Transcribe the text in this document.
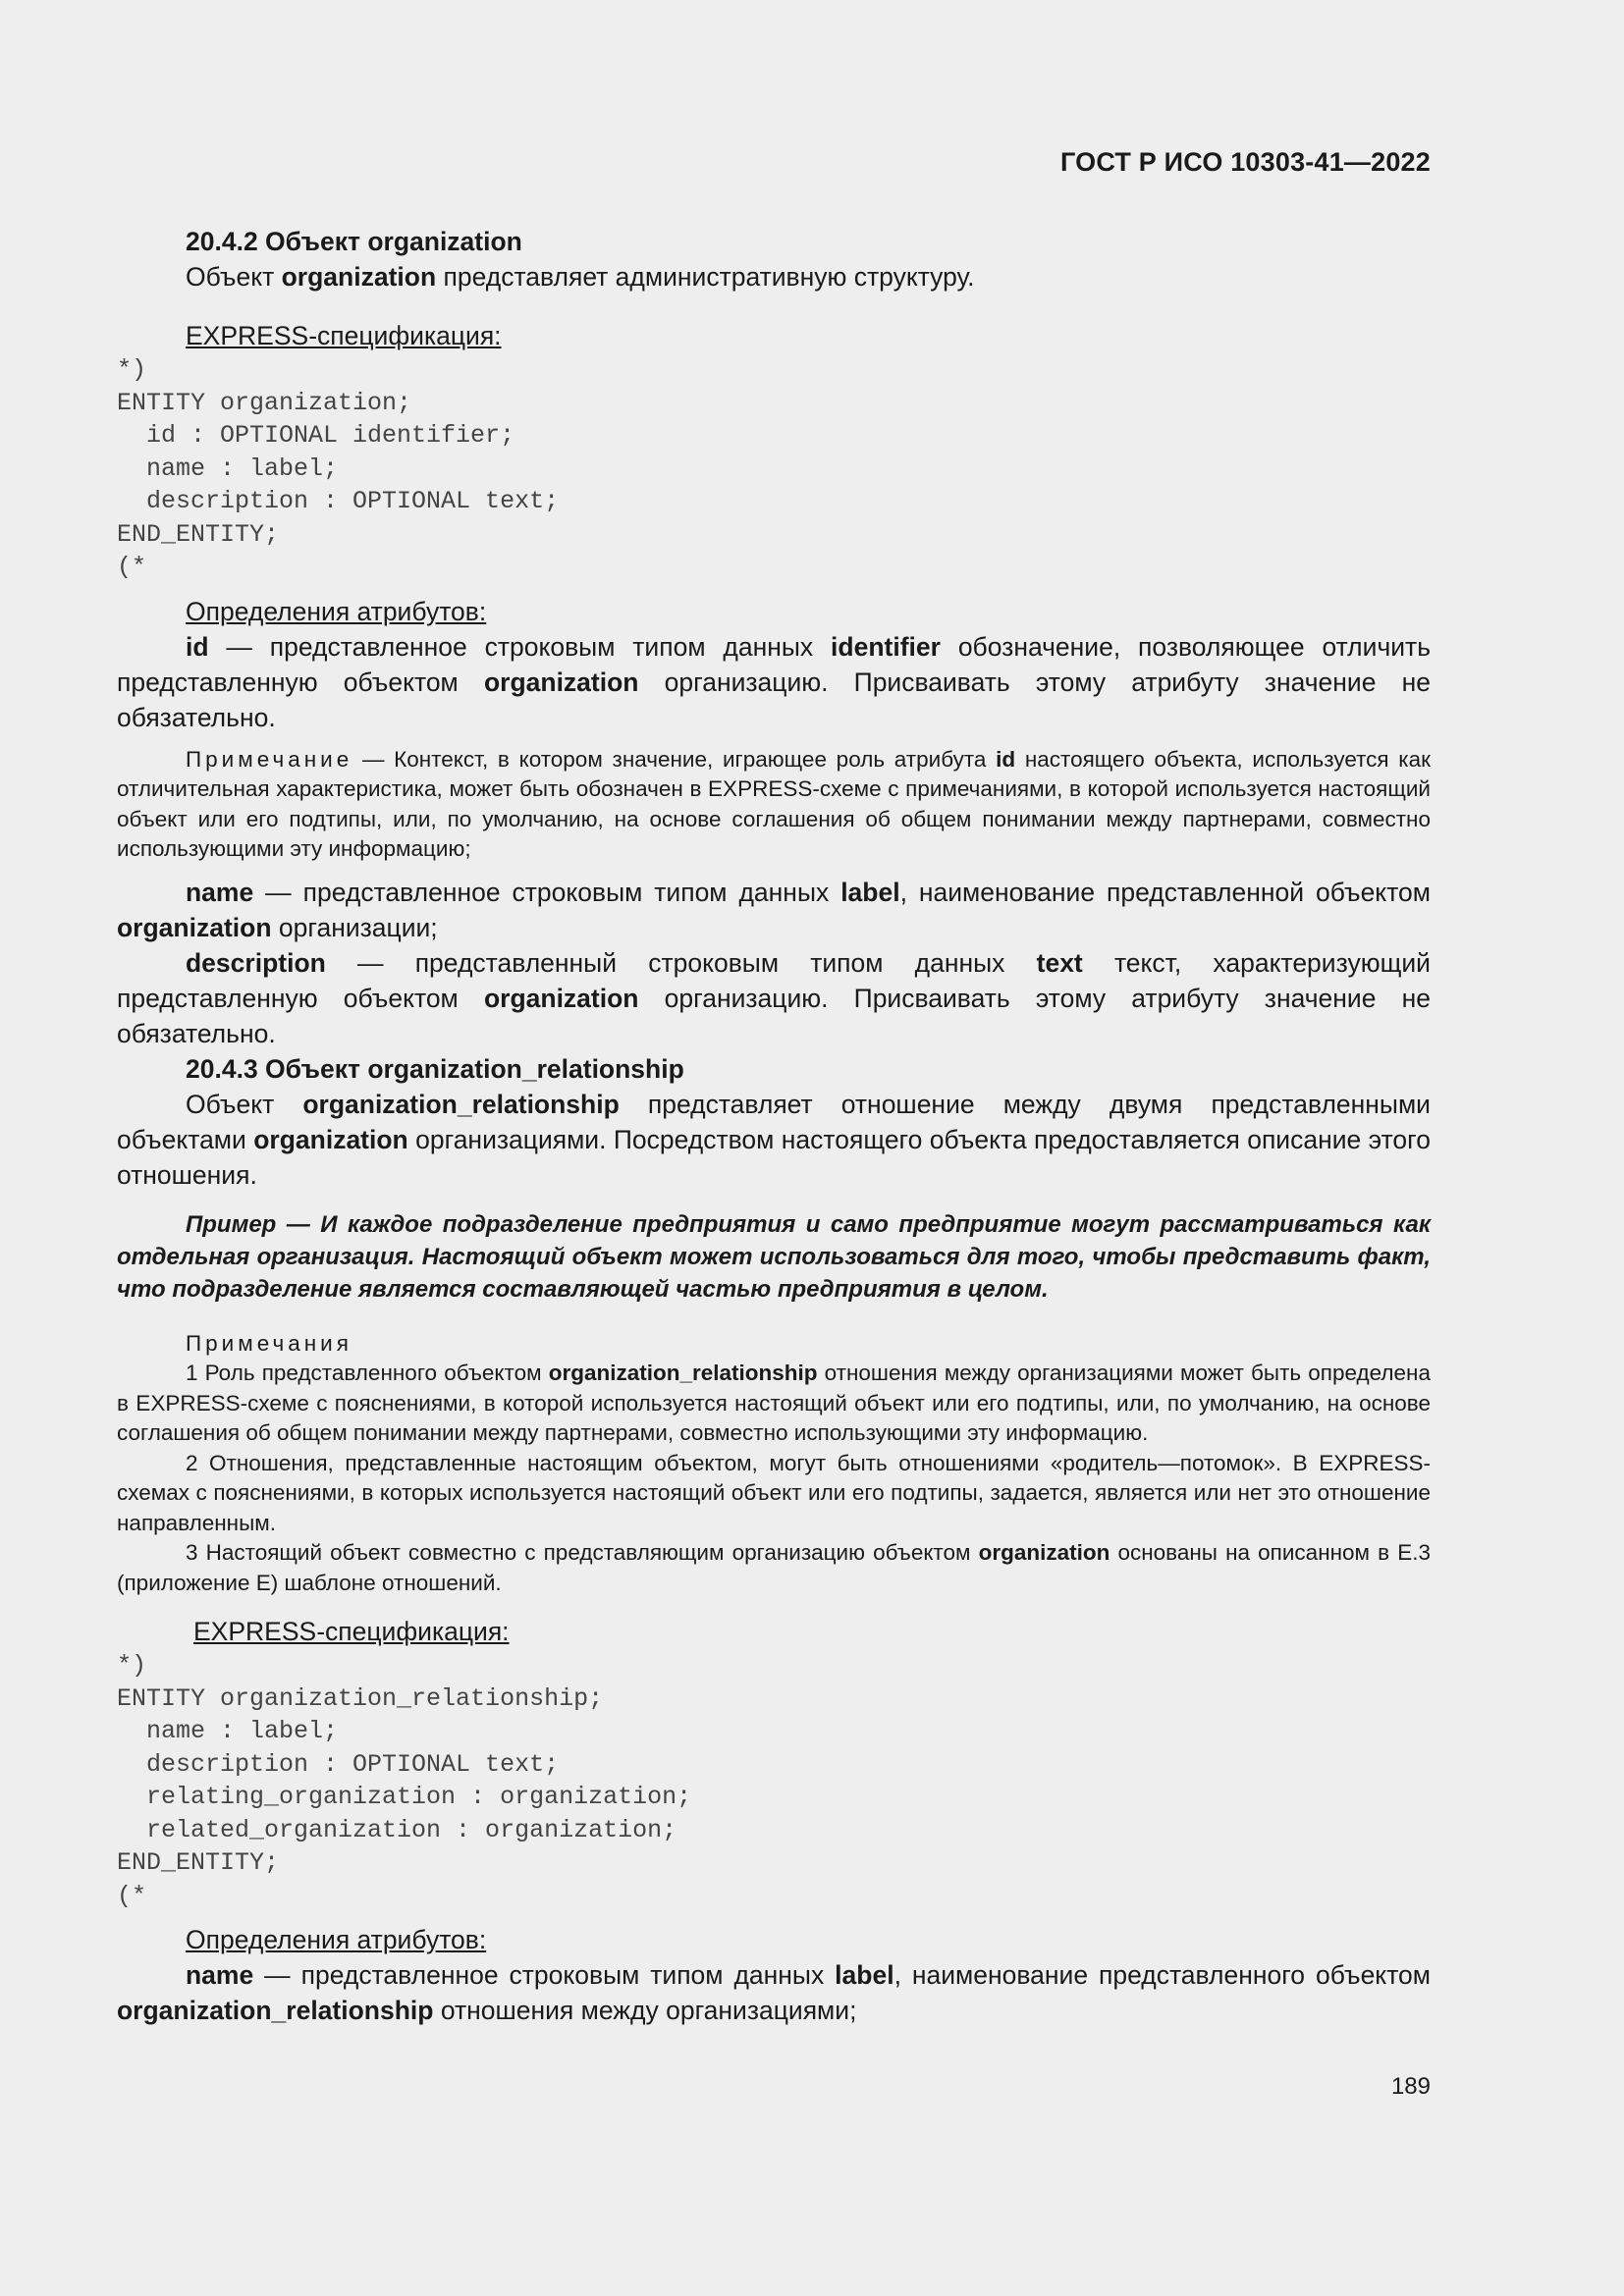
ГОСТ Р ИСО 10303-41—2022

20.4.2 Объект organization

Объект organization представляет административную структуру.

EXPRESS-спецификация:

*)
ENTITY organization;
id : OPTIONAL identifier;
name : label;
description : OPTIONAL text;
END_ENTITY;
(*

Определения атрибутов:

id — представленное строковым типом данных identifier обозначение, позволяющее отличить представленную объектом organization организацию. Присваивать этому атрибуту значение не обязательно.

Примечание — Контекст, в котором значение, играющее роль атрибута id настоящего объекта, используется как отличительная характеристика, может быть обозначен в EXPRESS-схеме с примечаниями, в которой используется настоящий объект или его подтипы, или, по умолчанию, на основе соглашения об общем понимании между партнерами, совместно использующими эту информацию;

name — представленное строковым типом данных label, наименование представленной объектом organization организации;

description — представленный строковым типом данных text текст, характеризующий представленную объектом organization организацию. Присваивать этому атрибуту значение не обязательно.

20.4.3 Объект organization_relationship

Объект organization_relationship представляет отношение между двумя представленными объектами organization организациями. Посредством настоящего объекта предоставляется описание этого отношения.

Пример — И каждое подразделение предприятия и само предприятие могут рассматриваться как отдельная организация. Настоящий объект может использоваться для того, чтобы представить факт, что подразделение является составляющей частью предприятия в целом.

Примечания

1 Роль представленного объектом organization_relationship отношения между организациями может быть определена в EXPRESS-схеме с пояснениями, в которой используется настоящий объект или его подтипы, или, по умолчанию, на основе соглашения об общем понимании между партнерами, совместно использующими эту информацию.

2 Отношения, представленные настоящим объектом, могут быть отношениями «родитель—потомок». В EXPRESS-схемах с пояснениями, в которых используется настоящий объект или его подтипы, задается, является или нет это отношение направленным.

3 Настоящий объект совместно с представляющим организацию объектом organization основаны на описанном в Е.3 (приложение Е) шаблоне отношений.

EXPRESS-спецификация:

*)
ENTITY organization_relationship;
name : label;
description : OPTIONAL text;
relating_organization : organization;
related_organization : organization;
END_ENTITY;
(*

Определения атрибутов:

name — представленное строковым типом данных label, наименование представленного объектом organization_relationship отношения между организациями;

189
